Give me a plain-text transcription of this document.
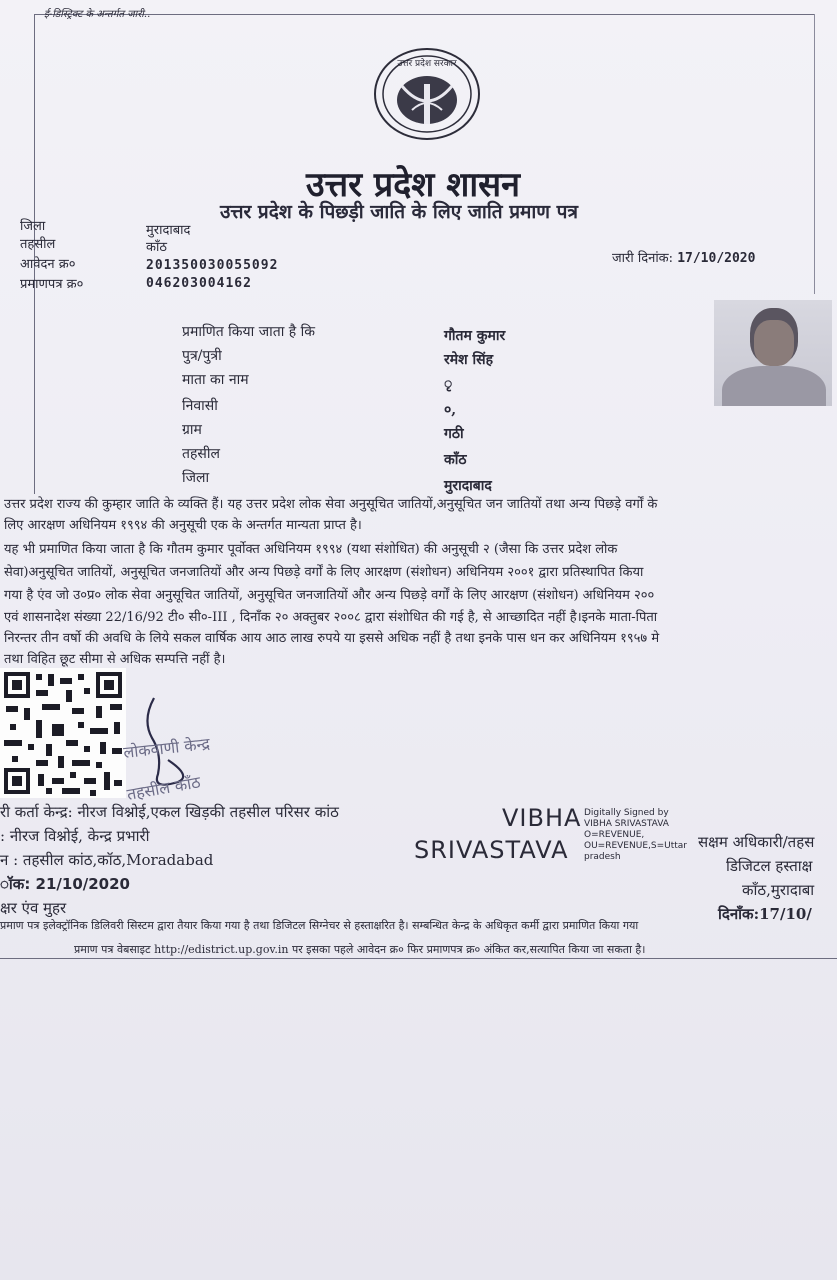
ई-डिस्ट्रिक्ट के अन्तर्गत जारी..
उत्तर प्रदेश सरकार
उत्तर प्रदेश शासन
उत्तर प्रदेश के पिछड़ी जाति के लिए जाति प्रमाण पत्र
जिला	मुरादाबाद
तहसील	काँठ
आवेदन क्र०	201350030055092
प्रमाणपत्र क्र०	046203004162
जारी दिनांक: 17/10/2020
प्रमाणित किया जाता है कि	गौतम कुमार
पुत्र/पुत्री	रमेश सिंह
माता का नाम	ृ
निवासी	०,
ग्राम	गठी
तहसील	काँठ
जिला	मुरादाबाद
उत्तर प्रदेश राज्य की कुम्हार जाति के व्यक्ति हैं। यह उत्तर प्रदेश लोक सेवा अनुसूचित जातियों,अनुसूचित जन जातियों तथा अन्य पिछड़े वर्गों के
लिए आरक्षण अधिनियम १९९४ की अनुसूची एक के अन्तर्गत मान्यता प्राप्त है।
यह भी प्रमाणित किया जाता है कि गौतम कुमार पूर्वोक्त अधिनियम १९९४ (यथा संशोधित) की अनुसूची २ (जैसा कि उत्तर प्रदेश लोक
सेवा)अनुसूचित जातियों, अनुसूचित जनजातियों और अन्य पिछड़े वर्गों के लिए आरक्षण (संशोधन) अधिनियम २००१ द्वारा प्रतिस्थापित किया
गया है एंव जो उ०प्र० लोक सेवा अनुसूचित जातियों, अनुसूचित जनजातियों और अन्य पिछड़े वर्गों के लिए आरक्षण (संशोधन) अधिनियम २००
एवं शासनादेश संख्या 22/16/92 टी० सी०-III , दिनाँक २० अक्तुबर २००८ द्वारा संशोधित की गई है, से आच्छादित नहीं है।इनके माता-पिता
निरन्तर तीन वर्षो की अवधि के लिये सकल वार्षिक आय आठ लाख रुपये या इससे अधिक नहीं है तथा इनके पास धन कर अधिनियम १९५७ मे
तथा विहित छूट सीमा से अधिक सम्पत्ति नहीं है।
लोकवाणी केन्द्र
तहसील काँठ
री कर्ता केन्द्र: नीरज विश्नोई,एकल खिड़की तहसील परिसर कांठ
: नीरज विश्नोई, केन्द्र प्रभारी
न : तहसील कांठ,कॉठ,Moradabad
ॉक: 21/10/2020
क्षर एंव मुहर
VIBHA
SRIVASTAVA
Digitally Signed by
VIBHA SRIVASTAVA
O=REVENUE,
OU=REVENUE,S=Uttar
pradesh
सक्षम अधिकारी/तहस
डिजिटल हस्ताक्ष
काँठ,मुरादाबा
दिनाँक:17/10/
प्रमाण पत्र इलेक्ट्रॉनिक डिलिवरी सिस्टम द्वारा तैयार किया गया है तथा डिजिटल सिग्नेचर से हस्ताक्षरित है। सम्बन्धित केन्द्र के अधिकृत कर्मी द्वारा प्रमाणित किया गया
प्रमाण पत्र वेबसाइट http://edistrict.up.gov.in पर इसका पहले आवेदन क्र० फिर प्रमाणपत्र क्र० अंकित कर,सत्यापित किया जा सकता है।
